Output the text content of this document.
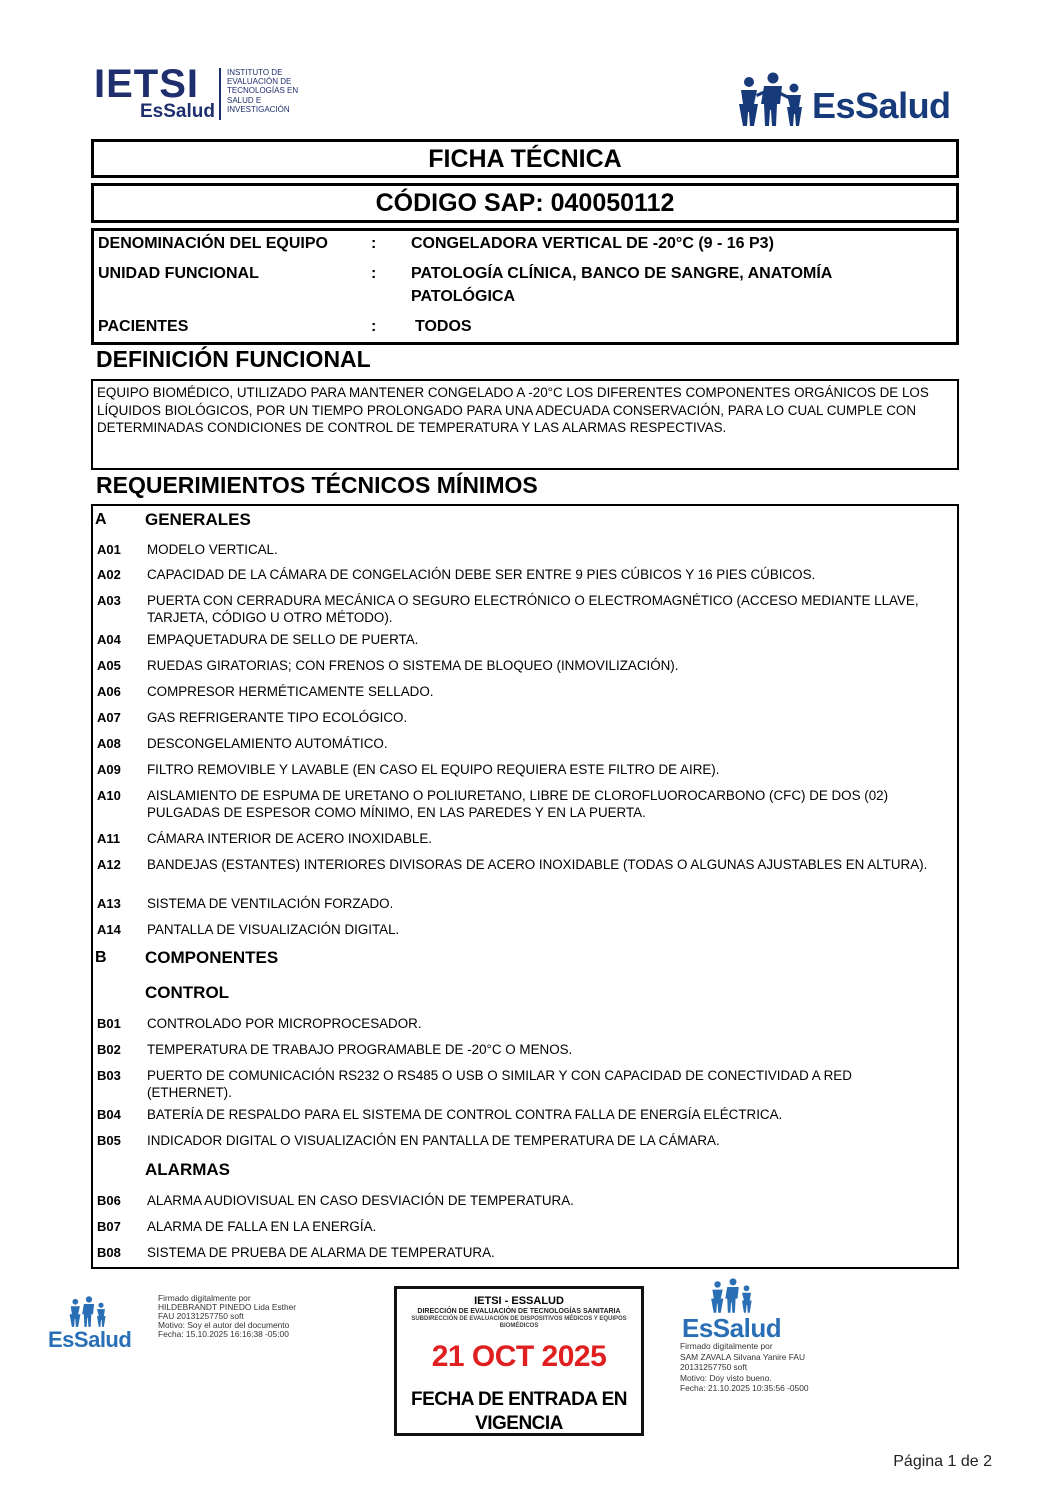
IETSI
EsSalud
INSTITUTO DE
EVALUACIÓN DE
TECNOLOGÍAS EN
SALUD E
INVESTIGACIÓN	EsSalud
FICHA TÉCNICA
CÓDIGO SAP: 040050112
DENOMINACIÓN DEL EQUIPO	: CONGELADORA VERTICAL DE -20°C (9 - 16 P3)
UNIDAD FUNCIONAL	: PATOLOGÍA CLÍNICA, BANCO DE SANGRE, ANATOMÍA PATOLÓGICA
PACIENTES	: TODOS
DEFINICIÓN FUNCIONAL
EQUIPO BIOMÉDICO, UTILIZADO PARA MANTENER CONGELADO A -20°C LOS DIFERENTES COMPONENTES ORGÁNICOS DE LOS LÍQUIDOS BIOLÓGICOS, POR UN TIEMPO PROLONGADO PARA UNA ADECUADA CONSERVACIÓN, PARA LO CUAL CUMPLE CON DETERMINADAS CONDICIONES DE CONTROL DE TEMPERATURA Y LAS ALARMAS RESPECTIVAS.
REQUERIMIENTOS TÉCNICOS MÍNIMOS
A GENERALES
A01	MODELO VERTICAL.
A02	CAPACIDAD DE LA CÁMARA DE CONGELACIÓN DEBE SER ENTRE 9 PIES CÚBICOS Y 16 PIES CÚBICOS.
A03	PUERTA CON CERRADURA MECÁNICA O SEGURO ELECTRÓNICO O ELECTROMAGNÉTICO (ACCESO MEDIANTE LLAVE, TARJETA, CÓDIGO U OTRO MÉTODO).
A04	EMPAQUETADURA DE SELLO DE PUERTA.
A05	RUEDAS GIRATORIAS; CON FRENOS O SISTEMA DE BLOQUEO (INMOVILIZACIÓN).
A06	COMPRESOR HERMÉTICAMENTE SELLADO.
A07	GAS REFRIGERANTE TIPO ECOLÓGICO.
A08	DESCONGELAMIENTO AUTOMÁTICO.
A09	FILTRO REMOVIBLE Y LAVABLE (EN CASO EL EQUIPO REQUIERA ESTE FILTRO DE AIRE).
A10	AISLAMIENTO DE ESPUMA DE URETANO O POLIURETANO, LIBRE DE CLOROFLUOROCARBONO (CFC) DE DOS (02) PULGADAS DE ESPESOR COMO MÍNIMO, EN LAS PAREDES Y EN LA PUERTA.
A11	CÁMARA INTERIOR DE ACERO INOXIDABLE.
A12	BANDEJAS (ESTANTES) INTERIORES DIVISORAS DE ACERO INOXIDABLE (TODAS O ALGUNAS AJUSTABLES EN ALTURA).
A13	SISTEMA DE VENTILACIÓN FORZADO.
A14	PANTALLA DE VISUALIZACIÓN DIGITAL.
B COMPONENTES
CONTROL
B01	CONTROLADO POR MICROPROCESADOR.
B02	TEMPERATURA DE TRABAJO PROGRAMABLE DE -20°C O MENOS.
B03	PUERTO DE COMUNICACIÓN RS232 O RS485 O USB O SIMILAR Y CON CAPACIDAD DE CONECTIVIDAD A RED (ETHERNET).
B04	BATERÍA DE RESPALDO PARA EL SISTEMA DE CONTROL CONTRA FALLA DE ENERGÍA ELÉCTRICA.
B05	INDICADOR DIGITAL O VISUALIZACIÓN EN PANTALLA DE TEMPERATURA DE LA CÁMARA.
ALARMAS
B06	ALARMA AUDIOVISUAL EN CASO DESVIACIÓN DE TEMPERATURA.
B07	ALARMA DE FALLA EN LA ENERGÍA.
B08	SISTEMA DE PRUEBA DE ALARMA DE TEMPERATURA.
EsSalud
Firmado digitalmente por
HILDEBRANDT PINEDO Lida Esther
FAU 20131257750 soft
Motivo: Soy el autor del documento
Fecha: 15.10.2025 16:16:38 -05:00
IETSI - ESSALUD
DIRECCIÓN DE EVALUACIÓN DE TECNOLOGÍAS SANITARIA
SUBDIRECCIÓN DE EVALUACIÓN DE DISPOSITIVOS MÉDICOS Y EQUIPOS BIOMÉDICOS
21 OCT 2025
FECHA DE ENTRADA EN VIGENCIA
EsSalud
Firmado digitalmente por
SAM ZAVALA Silvana Yanire FAU
20131257750 soft
Motivo: Doy visto bueno.
Fecha: 21.10.2025 10:35:56 -0500
Página 1 de 2
